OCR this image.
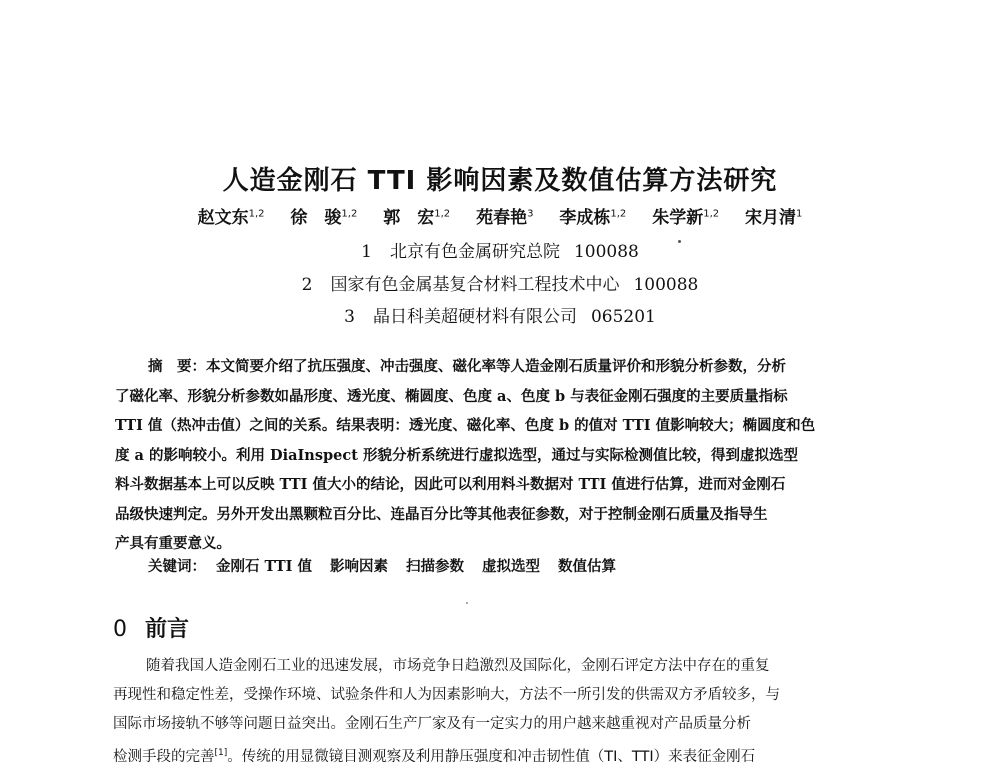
人造金刚石 TTI 影响因素及数值估算方法研究
赵文东$^{1,2}$ 徐　骏$^{1,2}$ 郭　宏$^{1,2}$ 苑春艳$^3$ 李成栋$^{1,2}$ 朱学新$^{1,2}$ 宋月清$^1$
1 北京有色金属研究总院 100088
2 国家有色金属基复合材料工程技术中心 100088
3 晶日科美超硬材料有限公司 065201
摘　要：本文简要介绍了抗压强度、冲击强度、磁化率等人造金刚石质量评价和形貌分析参数，分析
了磁化率、形貌分析参数如晶形度、透光度、椭圆度、色度 a、色度 b 与表征金刚石强度的主要质量指标
TTI 值（热冲击值）之间的关系。结果表明：透光度、磁化率、色度 b 的值对 TTI 值影响较大；椭圆度和色
度 a 的影响较小。利用 DiaInspect 形貌分析系统进行虚拟选型，通过与实际检测值比较，得到虚拟选型
料斗数据基本上可以反映 TTI 值大小的结论，因此可以利用料斗数据对 TTI 值进行估算，进而对金刚石
品级快速判定。另外开发出黑颗粒百分比、连晶百分比等其他表征参数，对于控制金刚石质量及指导生
产具有重要意义。
关键词： 金刚石 TTI 值 影响因素 扫描参数 虚拟选型 数值估算
0 前言
随着我国人造金刚石工业的迅速发展，市场竞争日趋激烈及国际化，金刚石评定方法中存在的重复
再现性和稳定性差，受操作环境、试验条件和人为因素影响大，方法不一所引发的供需双方矛盾较多，与
国际市场接轨不够等问题日益突出。金刚石生产厂家及有一定实力的用户越来越重视对产品质量分析
检测手段的完善[1]。传统的用显微镜目测观察及利用静压强度和冲击韧性值（TI、TTI）来表征金刚石
